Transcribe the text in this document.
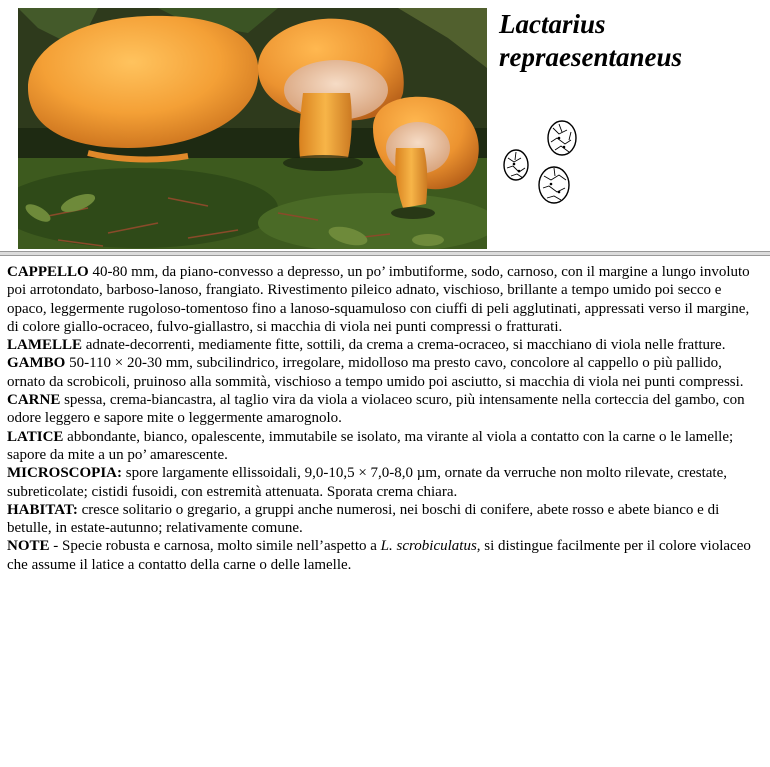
Lactarius
repraesentaneus

CAPPELLO 40-80 mm, da piano-convesso a depresso, un po’ imbutiforme, sodo, carnoso, con il margine a lungo involuto poi arrotondato, barboso-lanoso, frangiato. Rivestimento pileico adnato, vischioso, brillante a tempo umido poi secco e opaco, leggermente rugoloso-tomentoso fino a lanoso-squamuloso con ciuffi di peli agglutinati, appressati verso il margine, di colore giallo-ocraceo, fulvo-giallastro, si macchia di viola nei punti compressi o fratturati.

LAMELLE adnate-decorrenti, mediamente fitte, sottili, da crema a crema-ocraceo, si macchiano di viola nelle fratture.

GAMBO 50-110 × 20-30 mm, subcilindrico, irregolare, midolloso ma presto cavo, concolore al cappello o più pallido, ornato da scrobicoli, pruinoso alla sommità, vischioso a tempo umido poi asciutto, si macchia di viola nei punti compressi.

CARNE spessa, crema-biancastra, al taglio vira da viola a violaceo scuro, più intensamente nella corteccia del gambo, con odore leggero e sapore mite o leggermente amarognolo.

LATICE abbondante, bianco, opalescente, immutabile se isolato, ma virante al viola a contatto con la carne o le lamelle; sapore da mite a un po’ amarescente.

MICROSCOPIA: spore largamente ellissoidali, 9,0-10,5 × 7,0-8,0 µm, ornate da verruche non molto rilevate, crestate, subreticolate; cistidi fusoidi, con estremità attenuata. Sporata crema chiara.

HABITAT: cresce solitario o gregario, a gruppi anche numerosi, nei boschi di conifere, abete rosso e abete bianco e di betulle, in estate-autunno; relativamente comune.

NOTE - Specie robusta e carnosa, molto simile nell’aspetto a L. scrobiculatus, si distingue facilmente per il colore violaceo che assume il latice a contatto della carne o delle lamelle.
